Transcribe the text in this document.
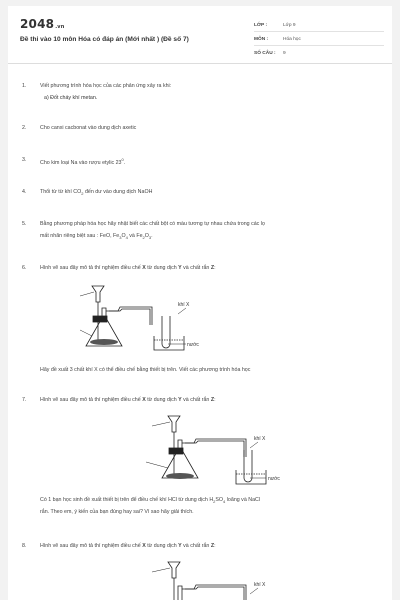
2048.vn
Đề thi vào 10 môn Hóa có đáp án (Mới nhất ) (Đề số 7)
LỚP :	Lớp 9
MÔN :	Hóa học
SỐ CÂU : 9
1.	Viết phương trình hóa học của các phản ứng xảy ra khi:
a) Đốt cháy khí metan.
2.	Cho canxi cacbonat vào dung dịch axetic
3.	Cho kim loại Na vào rượu etylic $23^0$.
4.	Thổi từ từ khí $CO_2$ đến dư vào dung dịch NaOH
5.	Bằng phương pháp hóa học hãy nhật biết các chất bột có màu tương tự nhau chứa trong các lọ
mất nhãn riêng biệt sau : FeO, $Fe_3O_4$ và $Fe_2O_3$.
6.	Hình vẽ sau đây mô tả thí nghiệm điều chế X từ dung dịch Y và chất rắn Z:
khí X
nước
Hãy đề xuất 3 chất khí X có thể điều chế bằng thiết bị trên. Viết các phương trình hóa học
7.	Hình vẽ sau đây mô tả thí nghiệm điều chế X từ dung dịch Y và chất rắn Z:
khí X
nước
Có 1 bạn học sinh đề xuất thiết bị trên để điều chế khí HCl từ dung dịch $H_2SO_4$ loãng và NaCl
rắn. Theo em, ý kiến của bạn đúng hay sai? Vì sao hãy giải thích.
8.	Hình vẽ sau đây mô tả thí nghiệm điều chế X từ dung dịch Y và chất rắn Z:
khí X
